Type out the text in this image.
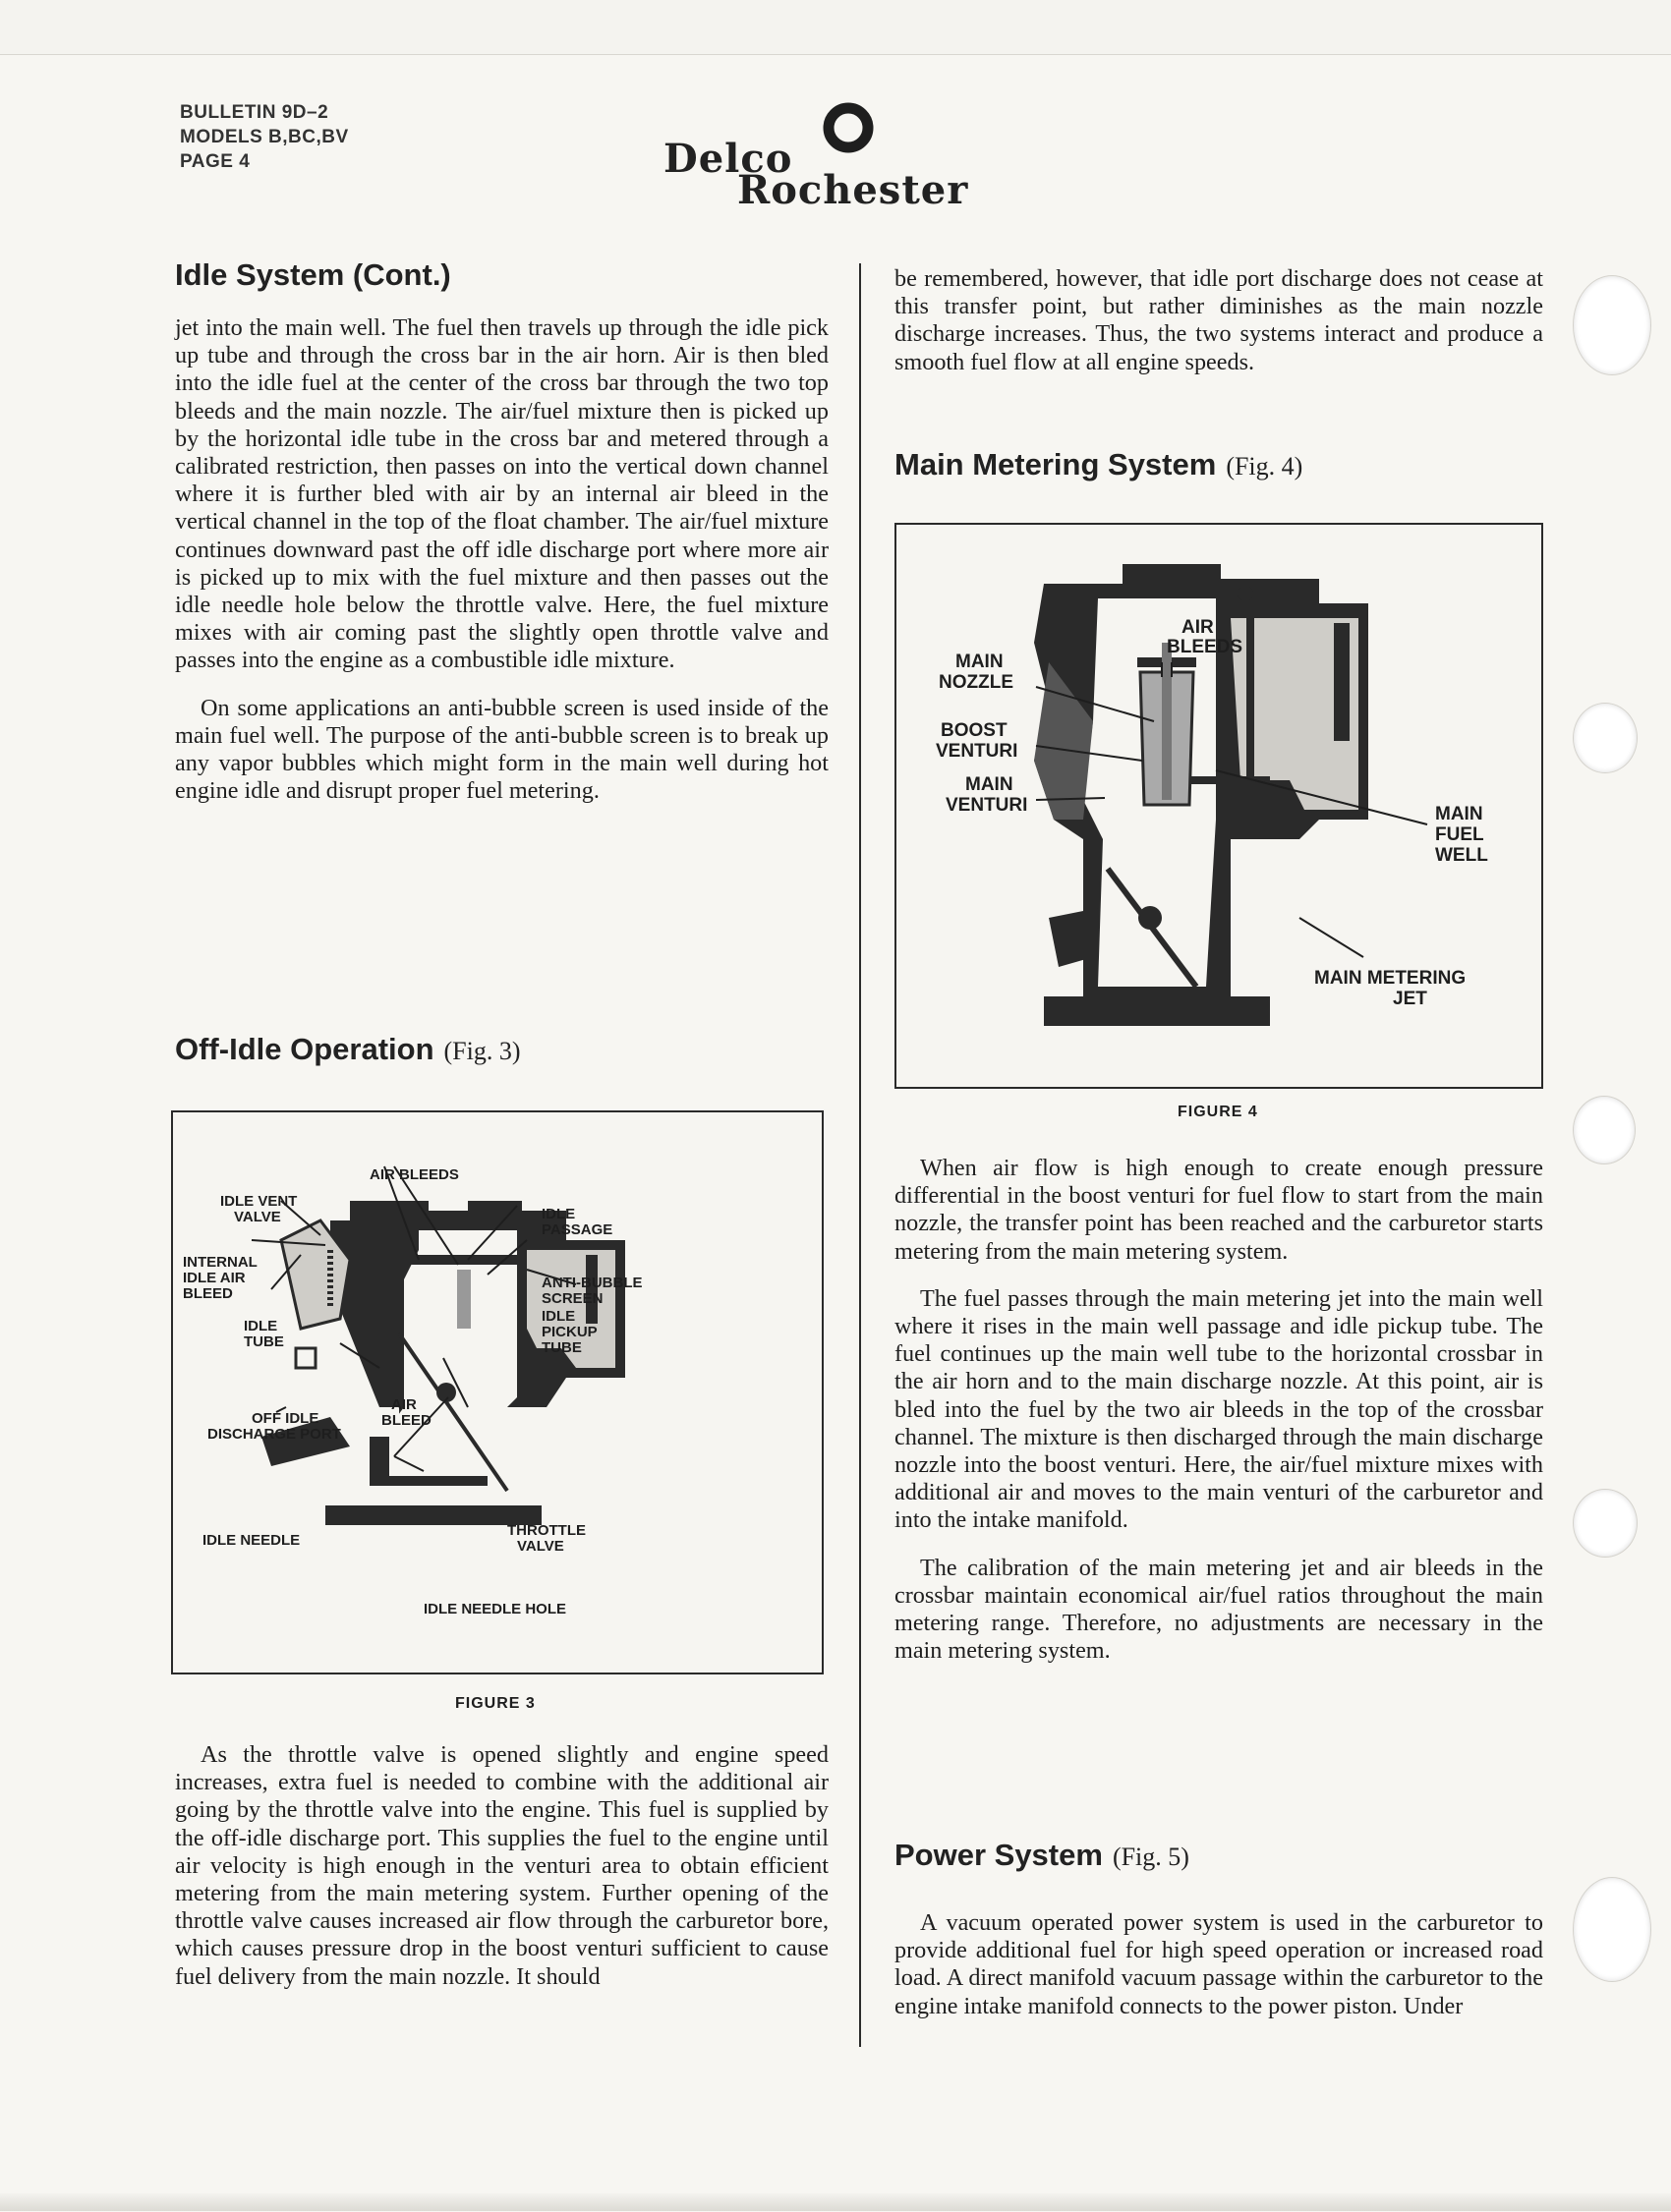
BULLETIN 9D–2
MODELS B,BC,BV
PAGE 4	Delco
Rochester
Idle System (Cont.)

jet into the main well. The fuel then travels up through the idle pick up tube and through the cross bar in the air horn. Air is then bled into the idle fuel at the center of the cross bar through the two top bleeds and the main nozzle. The air/fuel mixture then is picked up by the horizontal idle tube in the cross bar and metered through a calibrated restriction, then passes on into the vertical down channel where it is further bled with air by an internal air bleed in the vertical channel in the top of the float chamber. The air/fuel mixture continues downward past the off idle discharge port where more air is picked up to mix with the fuel mixture and then passes out the idle needle hole below the throttle valve. Here, the fuel mixture mixes with air coming past the slightly open throttle valve and passes into the engine as a combustible idle mixture.

On some applications an anti-bubble screen is used inside of the main fuel well. The purpose of the anti-bubble screen is to break up any vapor bubbles which might form in the main well during hot engine idle and disrupt proper fuel metering.

Off-Idle Operation (Fig. 3)
AIR BLEEDS
IDLE VENT
VALVE	IDLE
PASSAGE
INTERNAL
IDLE AIR
BLEED
ANTI-BUBBLE
SCREEN
IDLE
PICKUP
TUBE
IDLE
TUBE
AIR
BLEED
OFF IDLE
DISCHARGE PORT
IDLE NEEDLE
THROTTLE
VALVE
IDLE NEEDLE HOLE
FIGURE 3

As the throttle valve is opened slightly and engine speed increases, extra fuel is needed to combine with the additional air going by the throttle valve into the engine. This fuel is supplied by the off-idle discharge port. This supplies the fuel to the engine until air velocity is high enough in the venturi area to obtain efficient metering from the main metering system. Further opening of the throttle valve causes increased air flow through the carburetor bore, which causes pressure drop in the boost venturi sufficient to cause fuel delivery from the main nozzle. It should

be remembered, however, that idle port discharge does not cease at this transfer point, but rather diminishes as the main nozzle discharge increases. Thus, the two systems interact and produce a smooth fuel flow at all engine speeds.

Main Metering System (Fig. 4)
AIR
BLEEDS
MAIN
NOZZLE
BOOST
VENTURI
MAIN
VENTURI	MAIN
FUEL
WELL
MAIN METERING
JET
FIGURE 4

When air flow is high enough to create enough pressure differential in the boost venturi for fuel flow to start from the main nozzle, the transfer point has been reached and the carburetor starts metering from the main metering system.

The fuel passes through the main metering jet into the main well where it rises in the main well passage and idle pickup tube. The fuel continues up the main well tube to the horizontal crossbar in the air horn and to the main discharge nozzle. At this point, air is bled into the fuel by the two air bleeds in the top of the crossbar channel. The mixture is then discharged through the main discharge nozzle into the boost venturi. Here, the air/fuel mixture mixes with additional air and moves to the main venturi of the carburetor and into the intake manifold.

The calibration of the main metering jet and air bleeds in the crossbar maintain economical air/fuel ratios throughout the main metering range. Therefore, no adjustments are necessary in the main metering system.

Power System (Fig. 5)

A vacuum operated power system is used in the carburetor to provide additional fuel for high speed operation or increased road load. A direct manifold vacuum passage within the carburetor to the engine intake manifold connects to the power piston. Under
